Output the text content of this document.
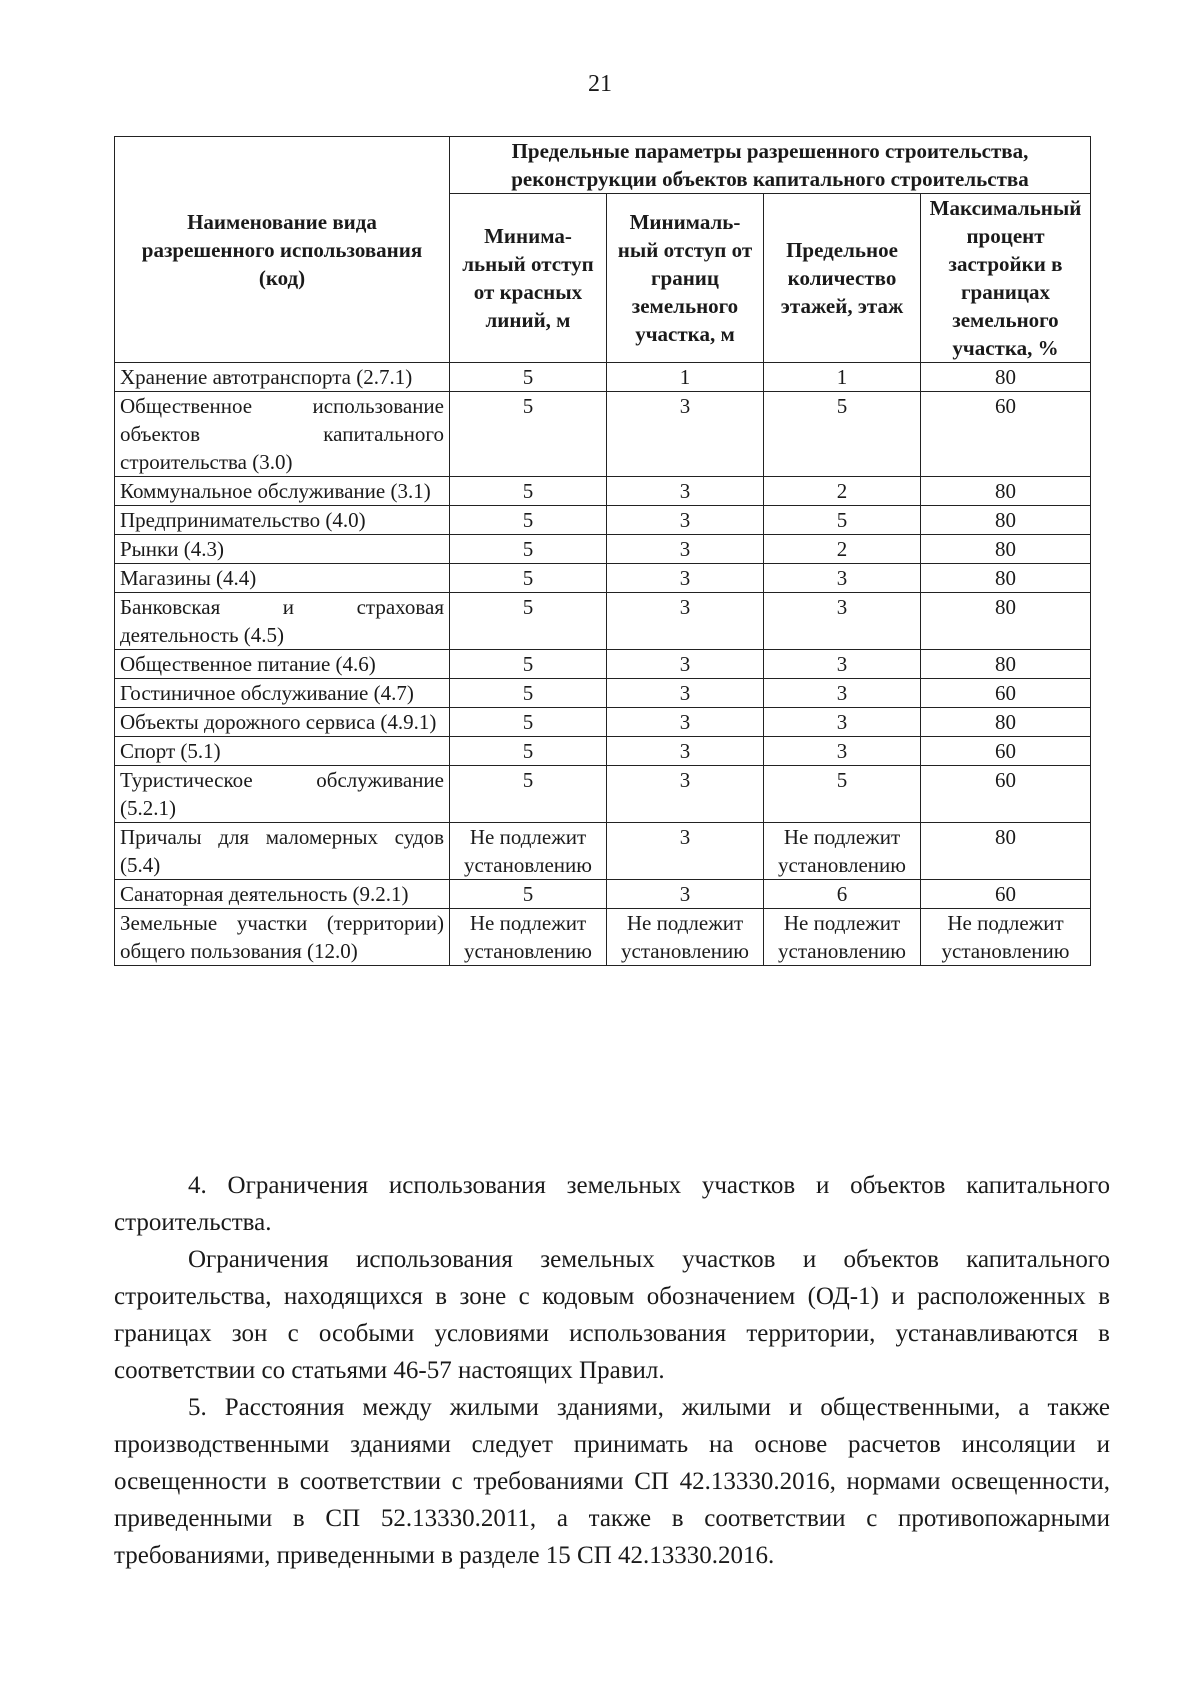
21
Наименование вида разрешенного использования (код)	Предельные параметры разрешенного строительства, реконструкции объектов капитального строительства			
	Минима-льный отступ от красных линий, м	Минималь-ный отступ от границ земельного участка, м	Предельное количество этажей, этаж	Максимальный процент застройки в границах земельного участка, %
Хранение автотранспорта (2.7.1)	5	1	1	80
Общественное использование объектов капитального строительства (3.0)	5	3	5	60
Коммунальное обслуживание (3.1)	5	3	2	80
Предпринимательство (4.0)	5	3	5	80
Рынки (4.3)	5	3	2	80
Магазины (4.4)	5	3	3	80
Банковская и страховая деятельность (4.5)	5	3	3	80
Общественное питание (4.6)	5	3	3	80
Гостиничное обслуживание (4.7)	5	3	3	60
Объекты дорожного сервиса (4.9.1)	5	3	3	80
Спорт (5.1)	5	3	3	60
Туристическое обслуживание (5.2.1)	5	3	5	60
Причалы для маломерных судов (5.4)	Не подлежит установлению	3	Не подлежит установлению	80
Санаторная деятельность (9.2.1)	5	3	6	60
Земельные участки (территории) общего пользования (12.0)	Не подлежит установлению	Не подлежит установлению	Не подлежит установлению	Не подлежит установлению

4. Ограничения использования земельных участков и объектов капитального строительства.

Ограничения использования земельных участков и объектов капитального строительства, находящихся в зоне с кодовым обозначением (ОД-1) и расположенных в границах зон с особыми условиями использования территории, устанавливаются в соответствии со статьями 46-57 настоящих Правил.

5. Расстояния между жилыми зданиями, жилыми и общественными, а также производственными зданиями следует принимать на основе расчетов инсоляции и освещенности в соответствии с требованиями СП 42.13330.2016, нормами освещенности, приведенными в СП 52.13330.2011, а также в соответствии с противопожарными требованиями, приведенными в разделе 15 СП 42.13330.2016.
